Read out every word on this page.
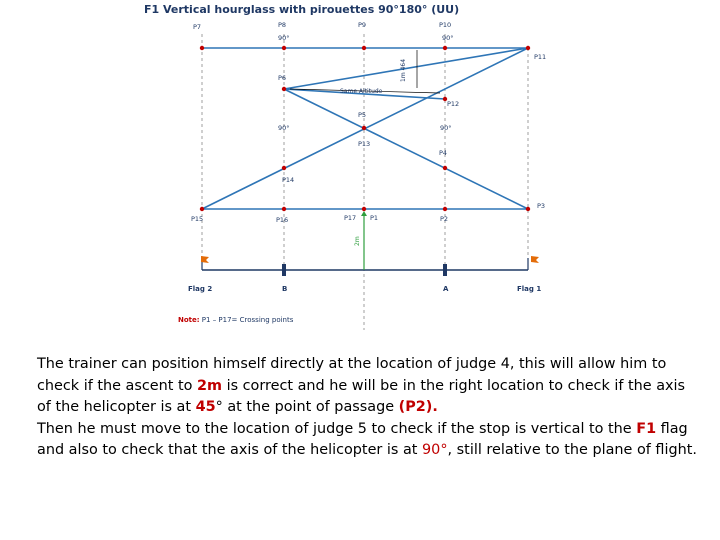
F1 Vertical hourglass with pirouettes 90°180° (UU)
Same Altitude
1m 464
2m
P7	P8
90°
P9	P10
90°
P11
P6
P12
P5
90°	90°
P13
P4
P14
P3
P15	P16	P17 P1	P2
Flag 2	B	A	Flag 1
Note: P1 – P17= Crossing points

The trainer can position himself directly at the location of judge 4, this will allow him to check if the ascent to 2m is correct and he will be in the right location to check if the axis of the helicopter is at 45° at the point of passage (P2).

Then he must move to the location of judge 5 to check if the stop is vertical to the F1 flag and also to check that the axis of the helicopter is at 90°, still relative to the plane of flight.
